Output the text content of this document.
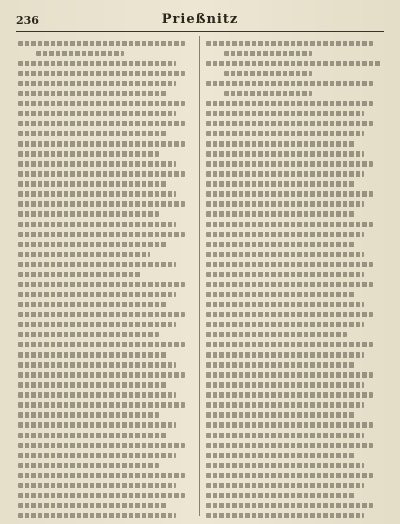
236	Prießnitz
